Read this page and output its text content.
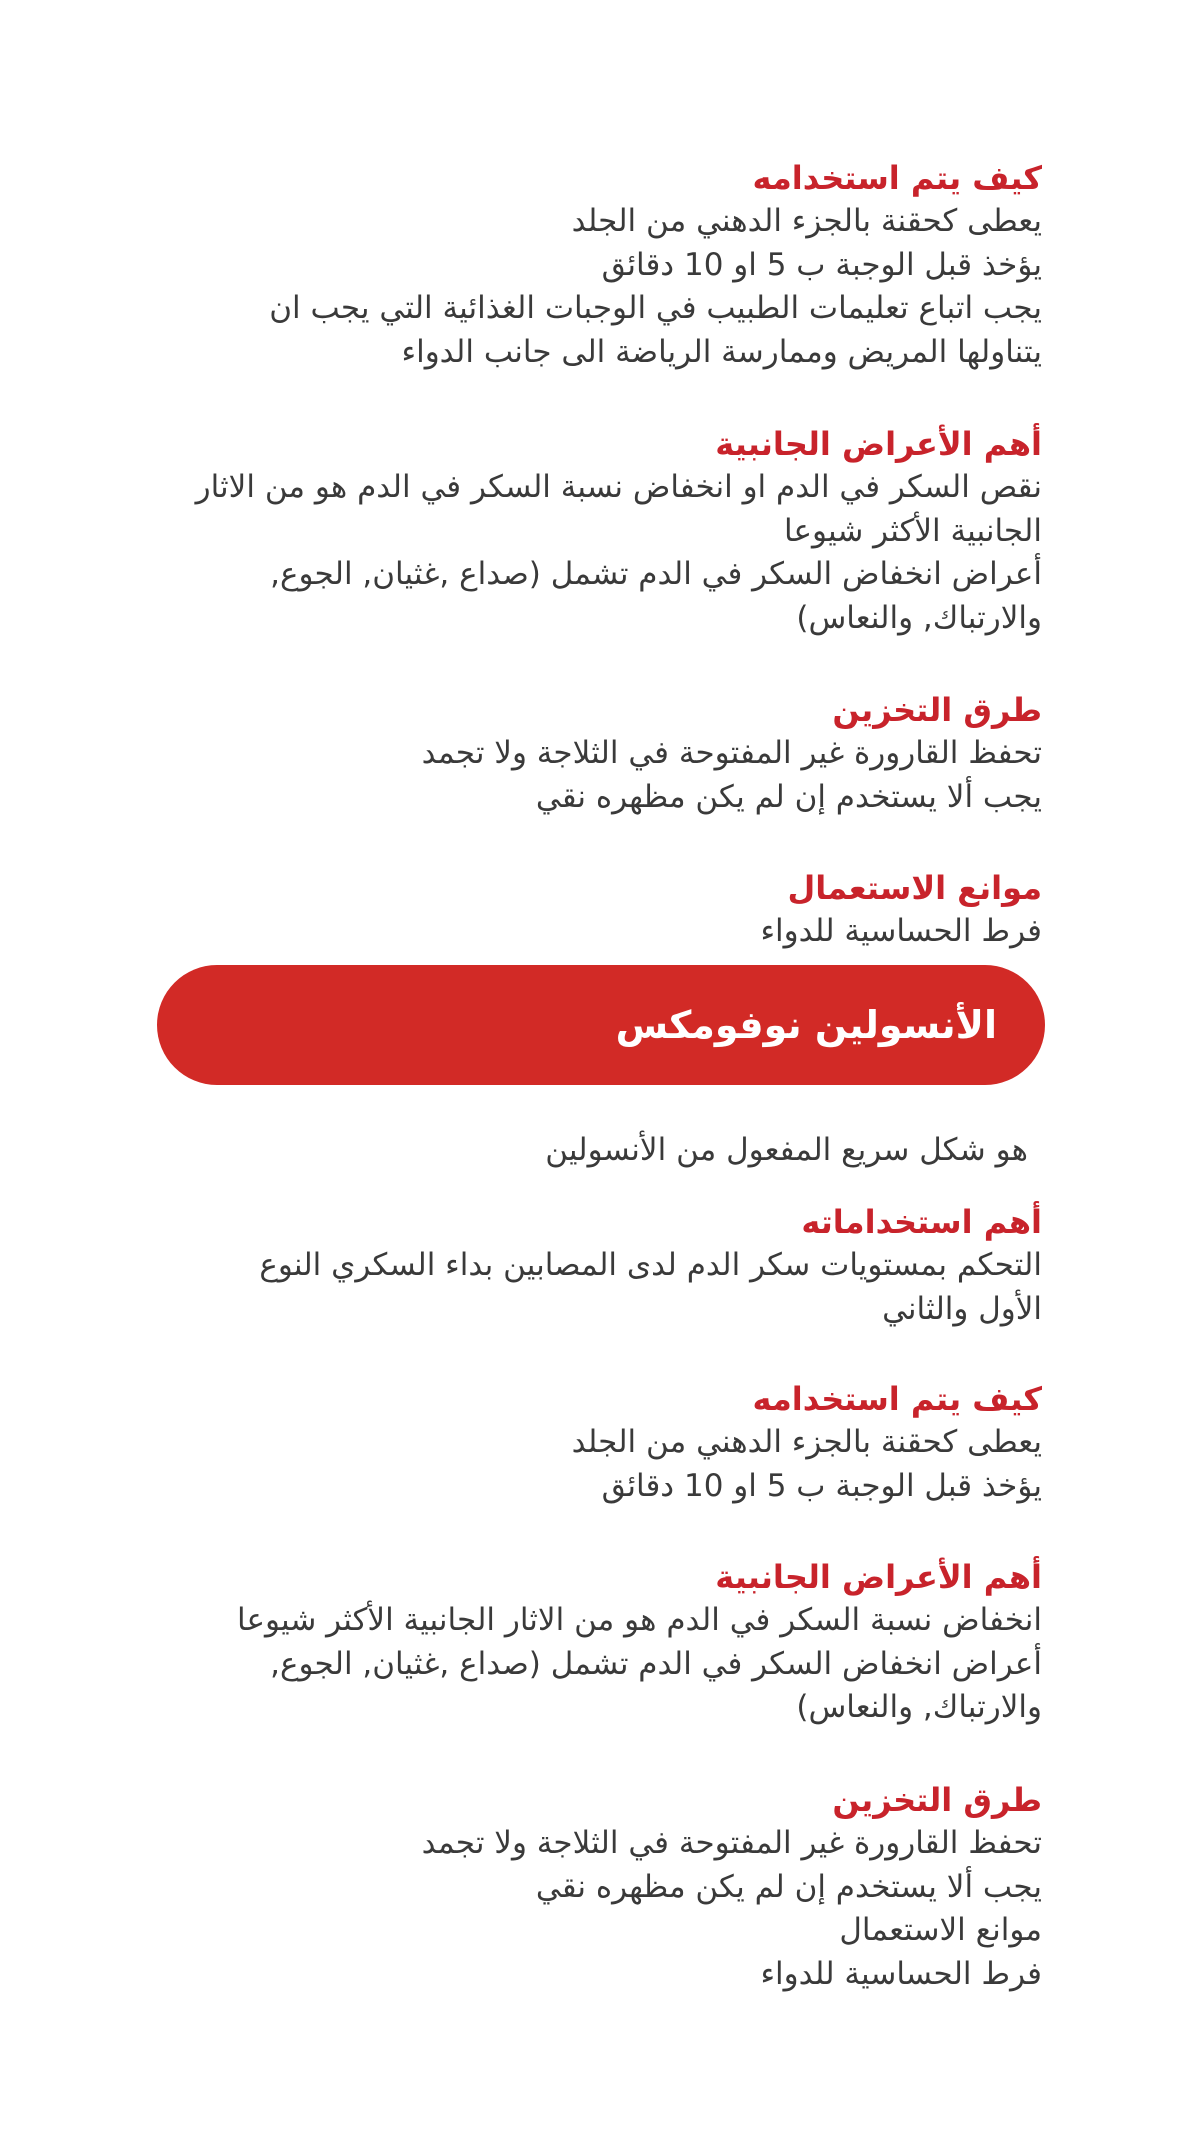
كيف يتم استخدامه

يعطى كحقنة بالجزء الدهني من الجلد

يؤخذ قبل الوجبة ب 5 او 10 دقائق

يجب اتباع تعليمات الطبيب في الوجبات الغذائية التي يجب ان

يتناولها المريض وممارسة الرياضة الى جانب الدواء

أهم الأعراض الجانبية

نقص السكر في الدم او انخفاض نسبة السكر في الدم هو من الاثار

الجانبية الأكثر شيوعا

أعراض انخفاض السكر في الدم تشمل (صداع ,غثيان, الجوع,

والارتباك, والنعاس)

طرق التخزين

تحفظ القارورة غير المفتوحة في الثلاجة ولا تجمد

يجب ألا يستخدم إن لم يكن مظهره نقي

موانع الاستعمال

فرط الحساسية للدواء

الأنسولين نوفومكس

هو شكل سريع المفعول من الأنسولين

أهم استخداماته

التحكم بمستويات سكر الدم لدى المصابين بداء السكري النوع

الأول والثاني

كيف يتم استخدامه

يعطى كحقنة بالجزء الدهني من الجلد

يؤخذ قبل الوجبة ب 5 او 10 دقائق

أهم الأعراض الجانبية

انخفاض نسبة السكر في الدم هو من الاثار الجانبية الأكثر شيوعا

أعراض انخفاض السكر في الدم تشمل (صداع ,غثيان, الجوع,

والارتباك, والنعاس)

طرق التخزين

تحفظ القارورة غير المفتوحة في الثلاجة ولا تجمد

يجب ألا يستخدم إن لم يكن مظهره نقي

موانع الاستعمال

فرط الحساسية للدواء
